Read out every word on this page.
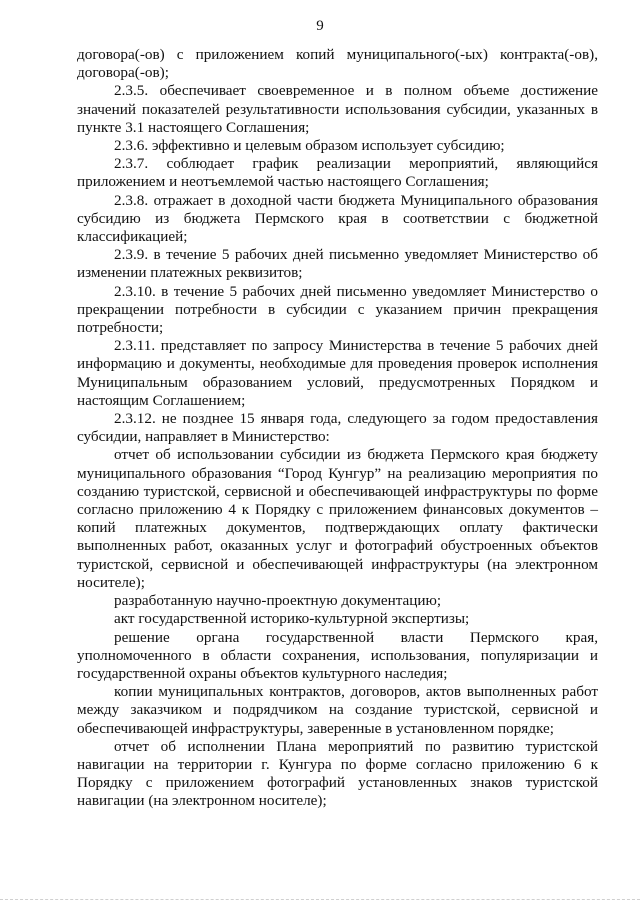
9

договора(-ов) с приложением копий муниципального(-ых) контракта(-ов), договора(-ов);

2.3.5. обеспечивает своевременное и в полном объеме достижение значений показателей результативности использования субсидии, указанных в пункте 3.1 настоящего Соглашения;

2.3.6. эффективно и целевым образом использует субсидию;

2.3.7. соблюдает график реализации мероприятий, являющийся приложением и неотъемлемой частью настоящего Соглашения;

2.3.8. отражает в доходной части бюджета Муниципального образования субсидию из бюджета Пермского края в соответствии с бюджетной классификацией;

2.3.9. в течение 5 рабочих дней письменно уведомляет Министерство об изменении платежных реквизитов;

2.3.10. в течение 5 рабочих дней письменно уведомляет Министерство о прекращении потребности в субсидии с указанием причин прекращения потребности;

2.3.11. представляет по запросу Министерства в течение 5 рабочих дней информацию и документы, необходимые для проведения проверок исполнения Муниципальным образованием условий, предусмотренных Порядком и настоящим Соглашением;

2.3.12. не позднее 15 января года, следующего за годом предоставления субсидии, направляет в Министерство:

отчет об использовании субсидии из бюджета Пермского края бюджету муниципального образования “Город Кунгур” на реализацию мероприятия по созданию туристской, сервисной и обеспечивающей инфраструктуры по форме согласно приложению 4 к Порядку с приложением финансовых документов – копий платежных документов, подтверждающих оплату фактически выполненных работ, оказанных услуг и фотографий обустроенных объектов туристской, сервисной и обеспечивающей инфраструктуры (на электронном носителе);

разработанную научно-проектную документацию;

акт государственной историко-культурной экспертизы;

решение органа государственной власти Пермского края, уполномоченного в области сохранения, использования, популяризации и государственной охраны объектов культурного наследия;

копии муниципальных контрактов, договоров, актов выполненных работ между заказчиком и подрядчиком на создание туристской, сервисной и обеспечивающей инфраструктуры, заверенные в установленном порядке;

отчет об исполнении Плана мероприятий по развитию туристской навигации на территории г. Кунгура по форме согласно приложению 6 к Порядку с приложением фотографий установленных знаков туристской навигации (на электронном носителе);
